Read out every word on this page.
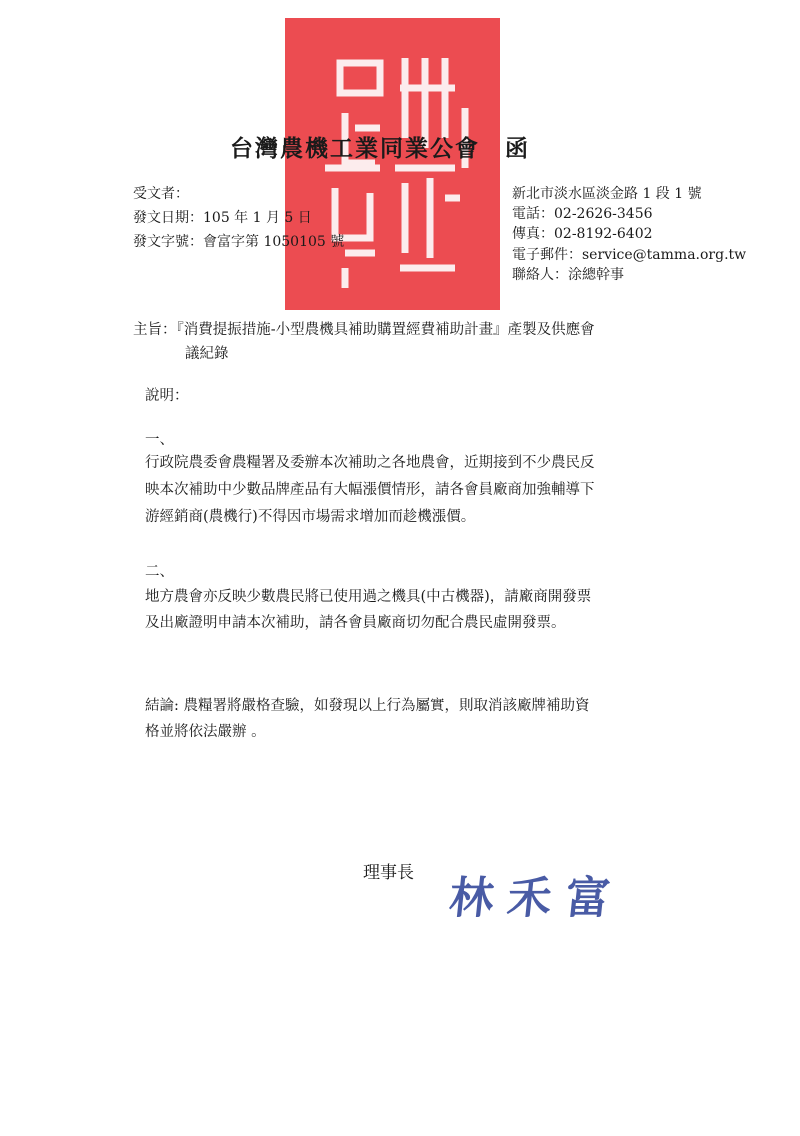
台灣農機工業同業公會　函
受文者：
發文日期：105 年 1 月 5 日
發文字號：會富字第 1050105 號
新北市淡水區淡金路 1 段 1 號
電話：02-2626-3456
傳真：02-8192-6402
電子郵件：service@tamma.org.tw
聯絡人：涂總幹事
主旨：『消費提振措施-小型農機具補助購置經費補助計畫』產製及供應會
議紀錄
說明：
一、
行政院農委會農糧署及委辦本次補助之各地農會，近期接到不少農民反
映本次補助中少數品牌產品有大幅漲價情形，請各會員廠商加強輔導下
游經銷商(農機行)不得因市場需求增加而趁機漲價。
二、
地方農會亦反映少數農民將已使用過之機具(中古機器)，請廠商開發票
及出廠證明申請本次補助，請各會員廠商切勿配合農民虛開發票。
結論: 農糧署將嚴格查驗，如發現以上行為屬實，則取消該廠牌補助資
格並將依法嚴辦 。
理事長 林禾富
